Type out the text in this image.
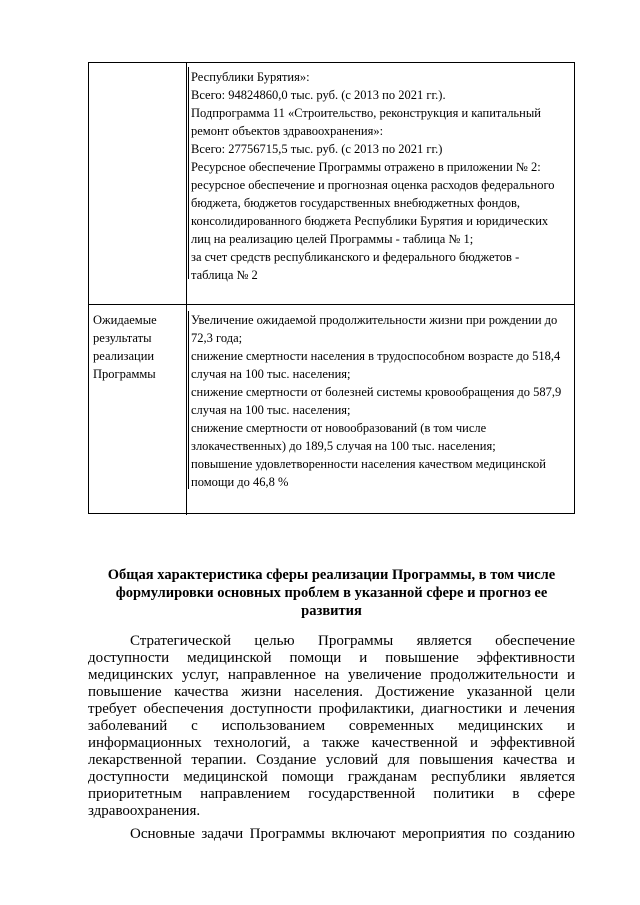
Республики Бурятия»:
Всего: 94824860,0 тыс. руб. (с 2013 по 2021 гг.).
Подпрограмма 11 «Строительство, реконструкция и капитальный
ремонт объектов здравоохранения»:
Всего: 27756715,5 тыс. руб. (с 2013 по 2021 гг.)
Ресурсное обеспечение Программы отражено в приложении № 2:
ресурсное обеспечение и прогнозная оценка расходов федерального
бюджета, бюджетов государственных внебюджетных фондов,
консолидированного бюджета Республики Бурятия и юридических
лиц на реализацию целей Программы - таблица № 1;
за счет средств республиканского и федерального бюджетов -
таблица № 2
Ожидаемые
результаты
реализации
Программы
Увеличение ожидаемой продолжительности жизни при рождении до
72,3 года;
снижение смертности населения в трудоспособном возрасте до 518,4
случая на 100 тыс. населения;
снижение смертности от болезней системы кровообращения до 587,9
случая на 100 тыс. населения;
снижение смертности от новообразований (в том числе
злокачественных) до 189,5 случая на 100 тыс. населения;
повышение удовлетворенности населения качеством медицинской
помощи до 46,8 %
Общая характеристика сферы реализации Программы, в том числе
формулировки основных проблем в указанной сфере и прогноз ее
развития
Стратегической целью Программы является обеспечение
доступности медицинской помощи и повышение эффективности
медицинских услуг, направленное на увеличение продолжительности и
повышение качества жизни населения. Достижение указанной цели
требует обеспечения доступности профилактики, диагностики и лечения
заболеваний с использованием современных медицинских и
информационных технологий, а также качественной и эффективной
лекарственной терапии. Создание условий для повышения качества и
доступности медицинской помощи гражданам республики является
приоритетным направлением государственной политики в сфере
здравоохранения.
Основные задачи Программы включают мероприятия по созданию
